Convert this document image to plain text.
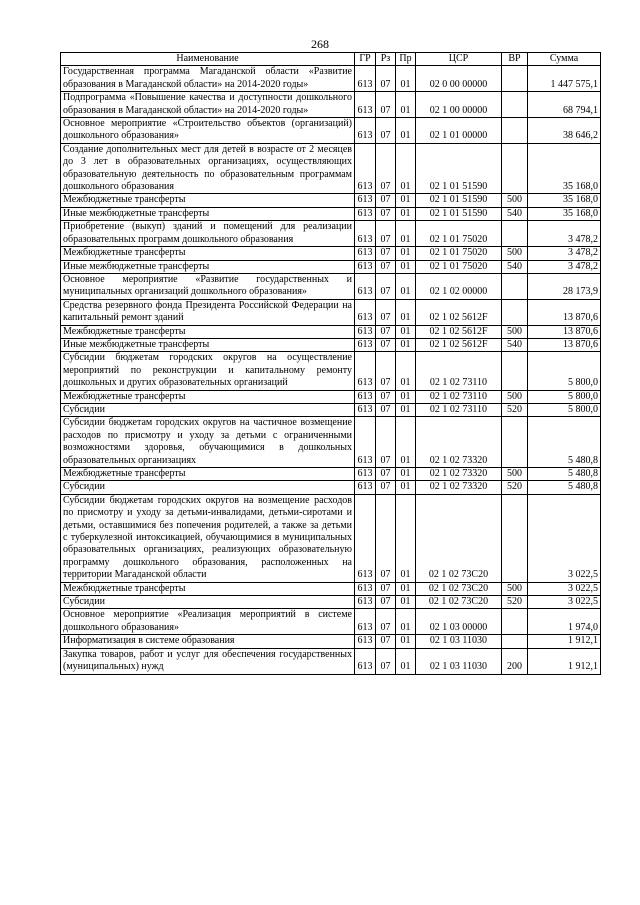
268
Наименование	ГР	Рз	Пр	ЦСР	ВР	Сумма
Государственная программа Магаданской области «Развитие образования в Магаданской области» на 2014-2020 годы»	613	07	01	02 0 00 00000		1 447 575,1
Подпрограмма «Повышение качества и доступности дошкольного образования в Магаданской области» на 2014-2020 годы»	613	07	01	02 1 00 00000		68 794,1
Основное мероприятие «Строительство объектов (организаций) дошкольного образования»	613	07	01	02 1 01 00000		38 646,2
Создание дополнительных мест для детей в возрасте от 2 месяцев до 3 лет в образовательных организациях, осуществляющих образовательную деятельность по образовательным программам дошкольного образования	613	07	01	02 1 01 51590		35 168,0
Межбюджетные трансферты	613	07	01	02 1 01 51590	500	35 168,0
Иные межбюджетные трансферты	613	07	01	02 1 01 51590	540	35 168,0
Приобретение (выкуп) зданий и помещений для реализации образовательных программ дошкольного образования	613	07	01	02 1 01 75020		3 478,2
Межбюджетные трансферты	613	07	01	02 1 01 75020	500	3 478,2
Иные межбюджетные трансферты	613	07	01	02 1 01 75020	540	3 478,2
Основное мероприятие «Развитие государственных и муниципальных организаций дошкольного образования»	613	07	01	02 1 02 00000		28 173,9
Средства резервного фонда Президента Российской Федерации на капитальный ремонт зданий	613	07	01	02 1 02 5612F		13 870,6
Межбюджетные трансферты	613	07	01	02 1 02 5612F	500	13 870,6
Иные межбюджетные трансферты	613	07	01	02 1 02 5612F	540	13 870,6
Субсидии бюджетам городских округов на осуществление мероприятий по реконструкции и капитальному ремонту дошкольных и других образовательных организаций	613	07	01	02 1 02 73110		5 800,0
Межбюджетные трансферты	613	07	01	02 1 02 73110	500	5 800,0
Субсидии	613	07	01	02 1 02 73110	520	5 800,0
Субсидии бюджетам городских округов на частичное возмещение расходов по присмотру и уходу за детьми с ограниченными возможностями здоровья, обучающимися в дошкольных образовательных организациях	613	07	01	02 1 02 73320		5 480,8
Межбюджетные трансферты	613	07	01	02 1 02 73320	500	5 480,8
Субсидии	613	07	01	02 1 02 73320	520	5 480,8
Субсидии бюджетам городских округов на возмещение расходов по присмотру и уходу за детьми-инвалидами, детьми-сиротами и детьми, оставшимися без попечения родителей, а также за детьми с туберкулезной интоксикацией, обучающимися в муниципальных образовательных организациях, реализующих образовательную программу дошкольного образования, расположенных на территории Магаданской области	613	07	01	02 1 02 73С20		3 022,5
Межбюджетные трансферты	613	07	01	02 1 02 73С20	500	3 022,5
Субсидии	613	07	01	02 1 02 73С20	520	3 022,5
Основное мероприятие «Реализация мероприятий в системе дошкольного образования»	613	07	01	02 1 03 00000		1 974,0
Информатизация в системе образования	613	07	01	02 1 03 11030		1 912,1
Закупка товаров, работ и услуг для обеспечения государственных (муниципальных) нужд	613	07	01	02 1 03 11030	200	1 912,1
